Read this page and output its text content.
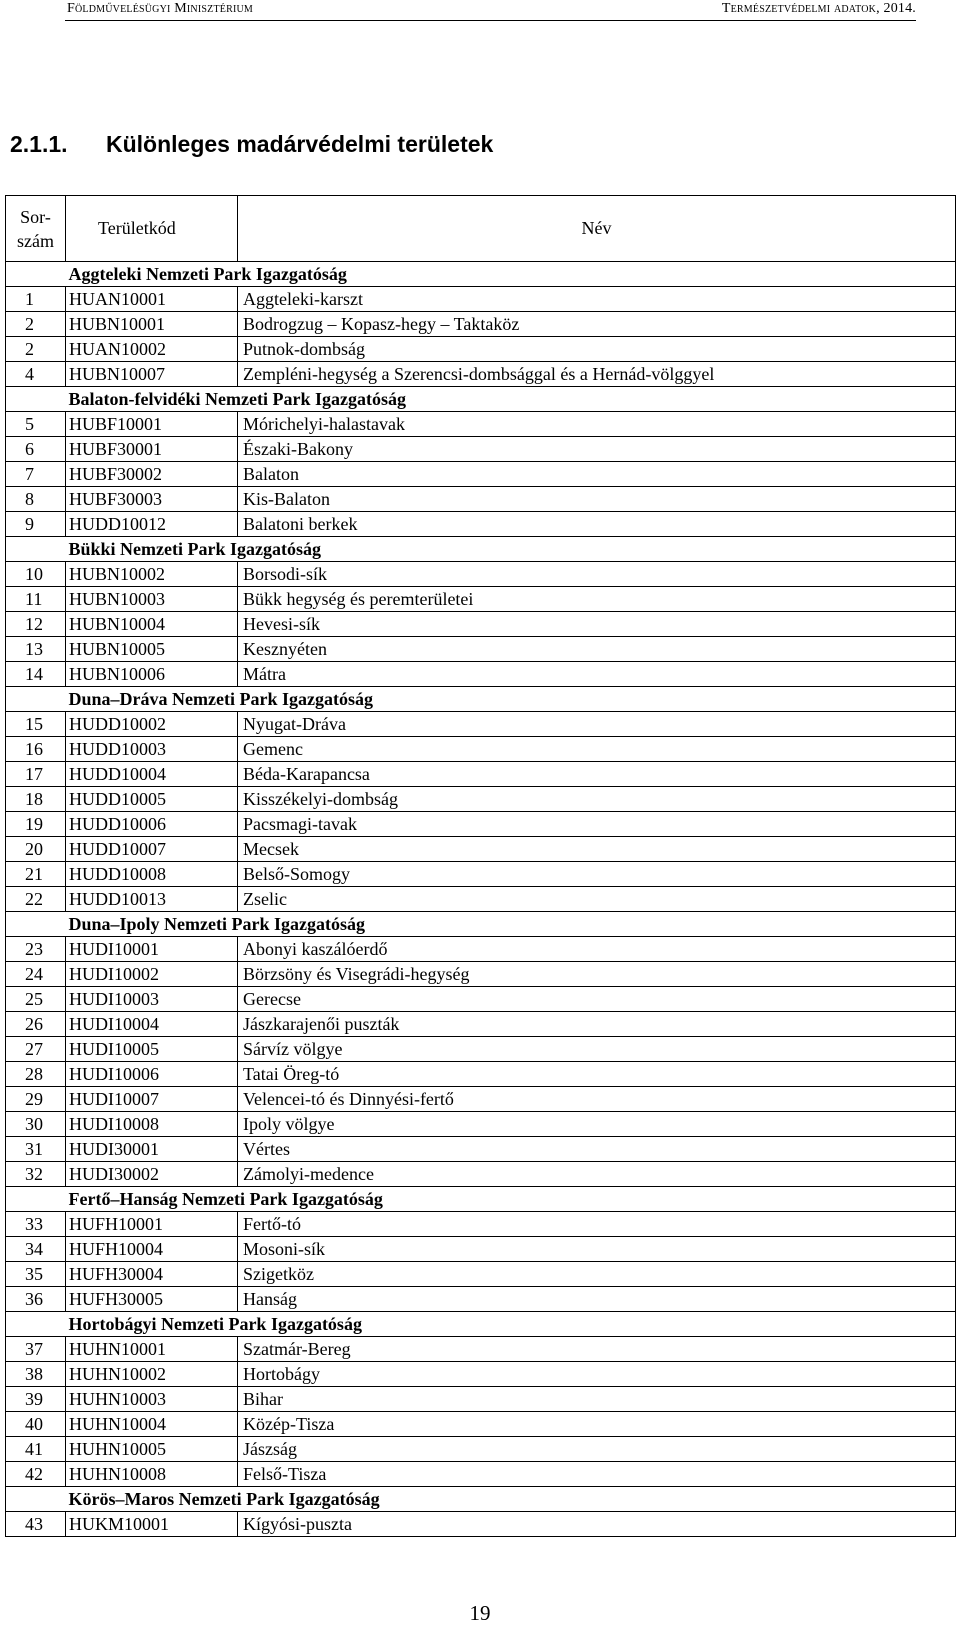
Földművelésügyi Minisztérium	Természetvédelmi adatok, 2014.
2.1.1. Különleges madárvédelmi területek
Sor-
szám	Területkód	Név
	Aggteleki Nemzeti Park Igazgatóság	
1	HUAN10001	Aggteleki-karszt
2	HUBN10001	Bodrogzug – Kopasz-hegy – Taktaköz
2	HUAN10002	Putnok-dombság
4	HUBN10007	Zempléni-hegység a Szerencsi-dombsággal és a Hernád-völggyel
	Balaton-felvidéki Nemzeti Park Igazgatóság	
5	HUBF10001	Mórichelyi-halastavak
6	HUBF30001	Északi-Bakony
7	HUBF30002	Balaton
8	HUBF30003	Kis-Balaton
9	HUDD10012	Balatoni berkek
	Bükki Nemzeti Park Igazgatóság	
10	HUBN10002	Borsodi-sík
11	HUBN10003	Bükk hegység és peremterületei
12	HUBN10004	Hevesi-sík
13	HUBN10005	Kesznyéten
14	HUBN10006	Mátra
	Duna–Dráva Nemzeti Park Igazgatóság	
15	HUDD10002	Nyugat-Dráva
16	HUDD10003	Gemenc
17	HUDD10004	Béda-Karapancsa
18	HUDD10005	Kisszékelyi-dombság
19	HUDD10006	Pacsmagi-tavak
20	HUDD10007	Mecsek
21	HUDD10008	Belső-Somogy
22	HUDD10013	Zselic
	Duna–Ipoly Nemzeti Park Igazgatóság	
23	HUDI10001	Abonyi kaszálóerdő
24	HUDI10002	Börzsöny és Visegrádi-hegység
25	HUDI10003	Gerecse
26	HUDI10004	Jászkarajenői puszták
27	HUDI10005	Sárvíz völgye
28	HUDI10006	Tatai Öreg-tó
29	HUDI10007	Velencei-tó és Dinnyési-fertő
30	HUDI10008	Ipoly völgye
31	HUDI30001	Vértes
32	HUDI30002	Zámolyi-medence
	Fertő–Hanság Nemzeti Park Igazgatóság	
33	HUFH10001	Fertő-tó
34	HUFH10004	Mosoni-sík
35	HUFH30004	Szigetköz
36	HUFH30005	Hanság
	Hortobágyi Nemzeti Park Igazgatóság	
37	HUHN10001	Szatmár-Bereg
38	HUHN10002	Hortobágy
39	HUHN10003	Bihar
40	HUHN10004	Közép-Tisza
41	HUHN10005	Jászság
42	HUHN10008	Felső-Tisza
	Körös–Maros Nemzeti Park Igazgatóság	
43	HUKM10001	Kígyósi-puszta
19
